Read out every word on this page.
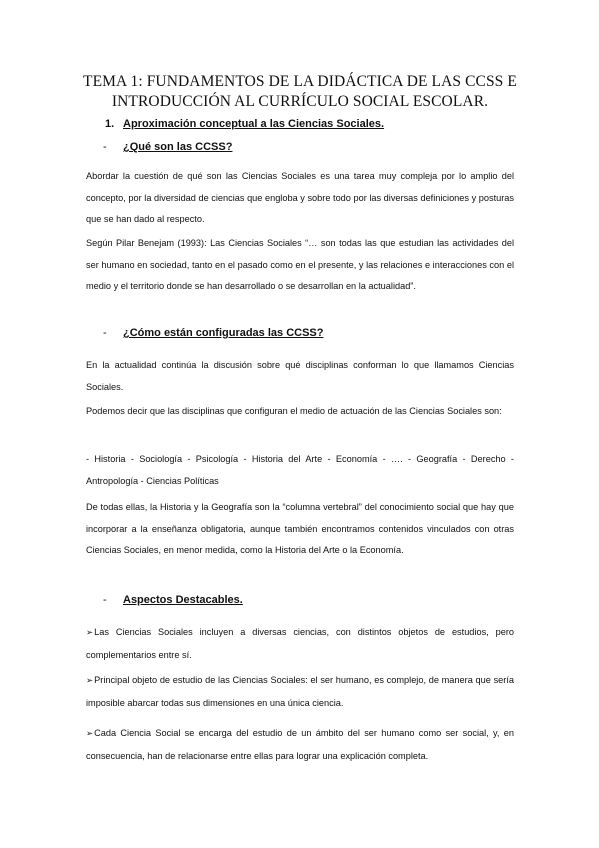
TEMA 1: FUNDAMENTOS DE LA DIDÁCTICA DE LAS CCSS E
INTRODUCCIÓN AL CURRÍCULO SOCIAL ESCOLAR.
1. Aproximación conceptual a las Ciencias Sociales.
- ¿Qué son las CCSS?

Abordar la cuestión de qué son las Ciencias Sociales es una tarea muy compleja por lo amplio del concepto, por la diversidad de ciencias que engloba y sobre todo por las diversas definiciones y posturas que se han dado al respecto.

Según Pilar Benejam (1993): Las Ciencias Sociales “… son todas las que estudian las actividades del ser humano en sociedad, tanto en el pasado como en el presente, y las relaciones e interacciones con el medio y el territorio donde se han desarrollado o se desarrollan en la actualidad”.

- ¿Cómo están configuradas las CCSS?

En la actualidad continúa la discusión sobre qué disciplinas conforman lo que llamamos Ciencias Sociales.

Podemos decir que las disciplinas que configuran el medio de actuación de las Ciencias Sociales son:

- Historia - Sociología - Psicología - Historia del Arte - Economía - …. - Geografía - Derecho - Antropología - Ciencias Políticas

De todas ellas, la Historia y la Geografía son la “columna vertebral” del conocimiento social que hay que incorporar a la enseñanza obligatoria, aunque también encontramos contenidos vinculados con otras Ciencias Sociales, en menor medida, como la Historia del Arte o la Economía.

- Aspectos Destacables.

➢Las Ciencias Sociales incluyen a diversas ciencias, con distintos objetos de estudios, pero complementarios entre sí.

➢Principal objeto de estudio de las Ciencias Sociales: el ser humano, es complejo, de manera que sería imposible abarcar todas sus dimensiones en una única ciencia.

➢Cada Ciencia Social se encarga del estudio de un ámbito del ser humano como ser social, y, en consecuencia, han de relacionarse entre ellas para lograr una explicación completa.
